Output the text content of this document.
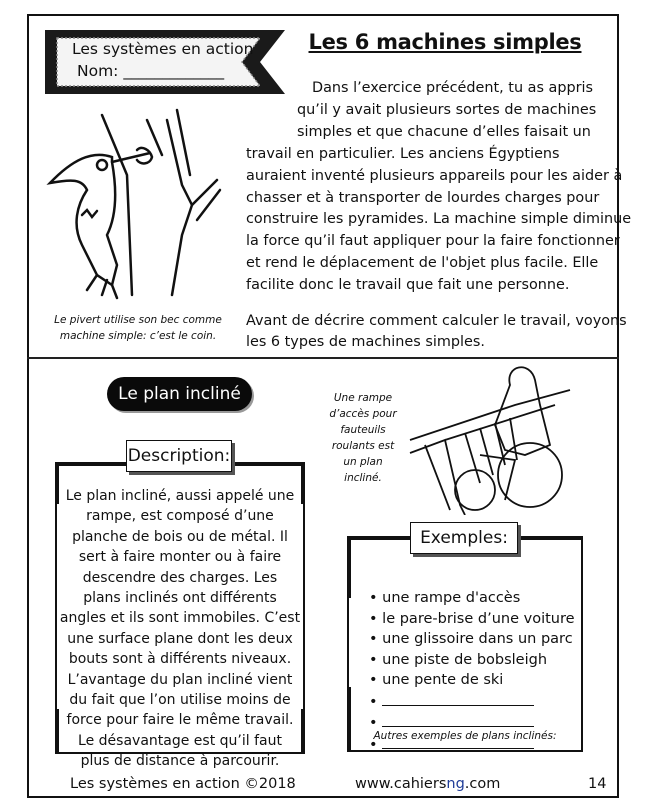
Les systèmes en action
Nom: _____________
Les 6 machines simples
Dans l’exercice précédent, tu as appris
qu’il y avait plusieurs sortes de machines
simples et que chacune d’elles faisait un
travail en particulier. Les anciens Égyptiens
auraient inventé plusieurs appareils pour les aider à
chasser et à transporter de lourdes charges pour
construire les pyramides. La machine simple diminue
la force qu’il faut appliquer pour la faire fonctionner
et rend le déplacement de l'objet plus facile. Elle
facilite donc le travail que fait une personne.
Avant de décrire comment calculer le travail, voyons
les 6 types de machines simples.
Le pivert utilise son bec comme
machine simple: c’est le coin.
Le plan incliné	Une rampe
d’accès pour
fauteuils
roulants est
un plan
incliné.
Le plan incliné, aussi appelé une
rampe, est composé d’une
planche de bois ou de métal. Il
sert à faire monter ou à faire
descendre des charges. Les
plans inclinés ont différents
angles et ils sont immobiles. C’est
une surface plane dont les deux
bouts sont à différents niveaux.
L’avantage du plan incliné vient
du fait que l’on utilise moins de
force pour faire le même travail.
Le désavantage est qu’il faut
plus de distance à parcourir.
Description:
• une rampe d'accès
• le pare-brise d’une voiture
• une glissoire dans un parc
• une piste de bobsleigh
• une pente de ski
•
•
•
Autres exemples de plans inclinés:
Exemples:
Les systèmes en action ©2018	www.cahiersng.com	14
